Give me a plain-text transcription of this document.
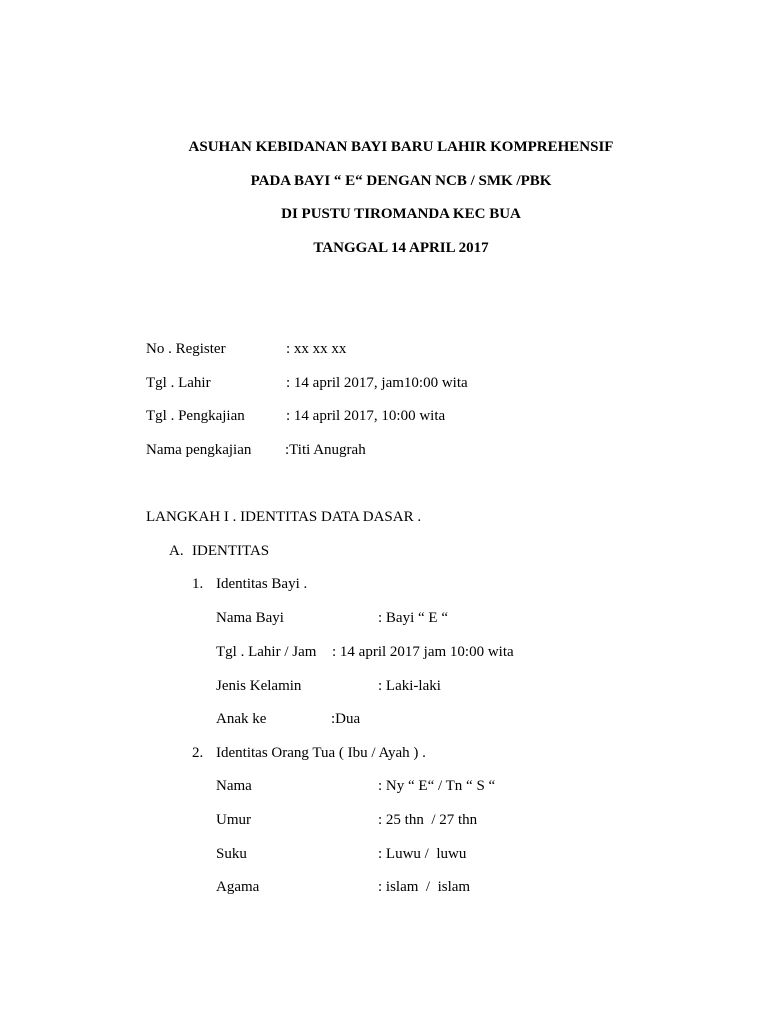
ASUHAN KEBIDANAN BAYI BARU LAHIR KOMPREHENSIF
PADA BAYI “ E“ DENGAN NCB / SMK /PBK
DI PUSTU TIROMANDA KEC BUA
TANGGAL 14 APRIL 2017
No . Register	: xx xx xx
Tgl . Lahir	: 14 april 2017, jam10:00 wita
Tgl . Pengkajian	: 14 april 2017, 10:00 wita
Nama pengkajian :Titi Anugrah
LANGKAH I . IDENTITAS DATA DASAR .
A. IDENTITAS
1. Identitas Bayi .
Nama Bayi	: Bayi “ E “
Tgl . Lahir / Jam : 14 april 2017 jam 10:00 wita
Jenis Kelamin	: Laki-laki
Anak ke	:Dua
2. Identitas Orang Tua ( Ibu / Ayah ) .
Nama	: Ny “ E“ / Tn “ S “
Umur	: 25 thn  / 27 thn
Suku	: Luwu /  luwu
Agama	: islam  /  islam
